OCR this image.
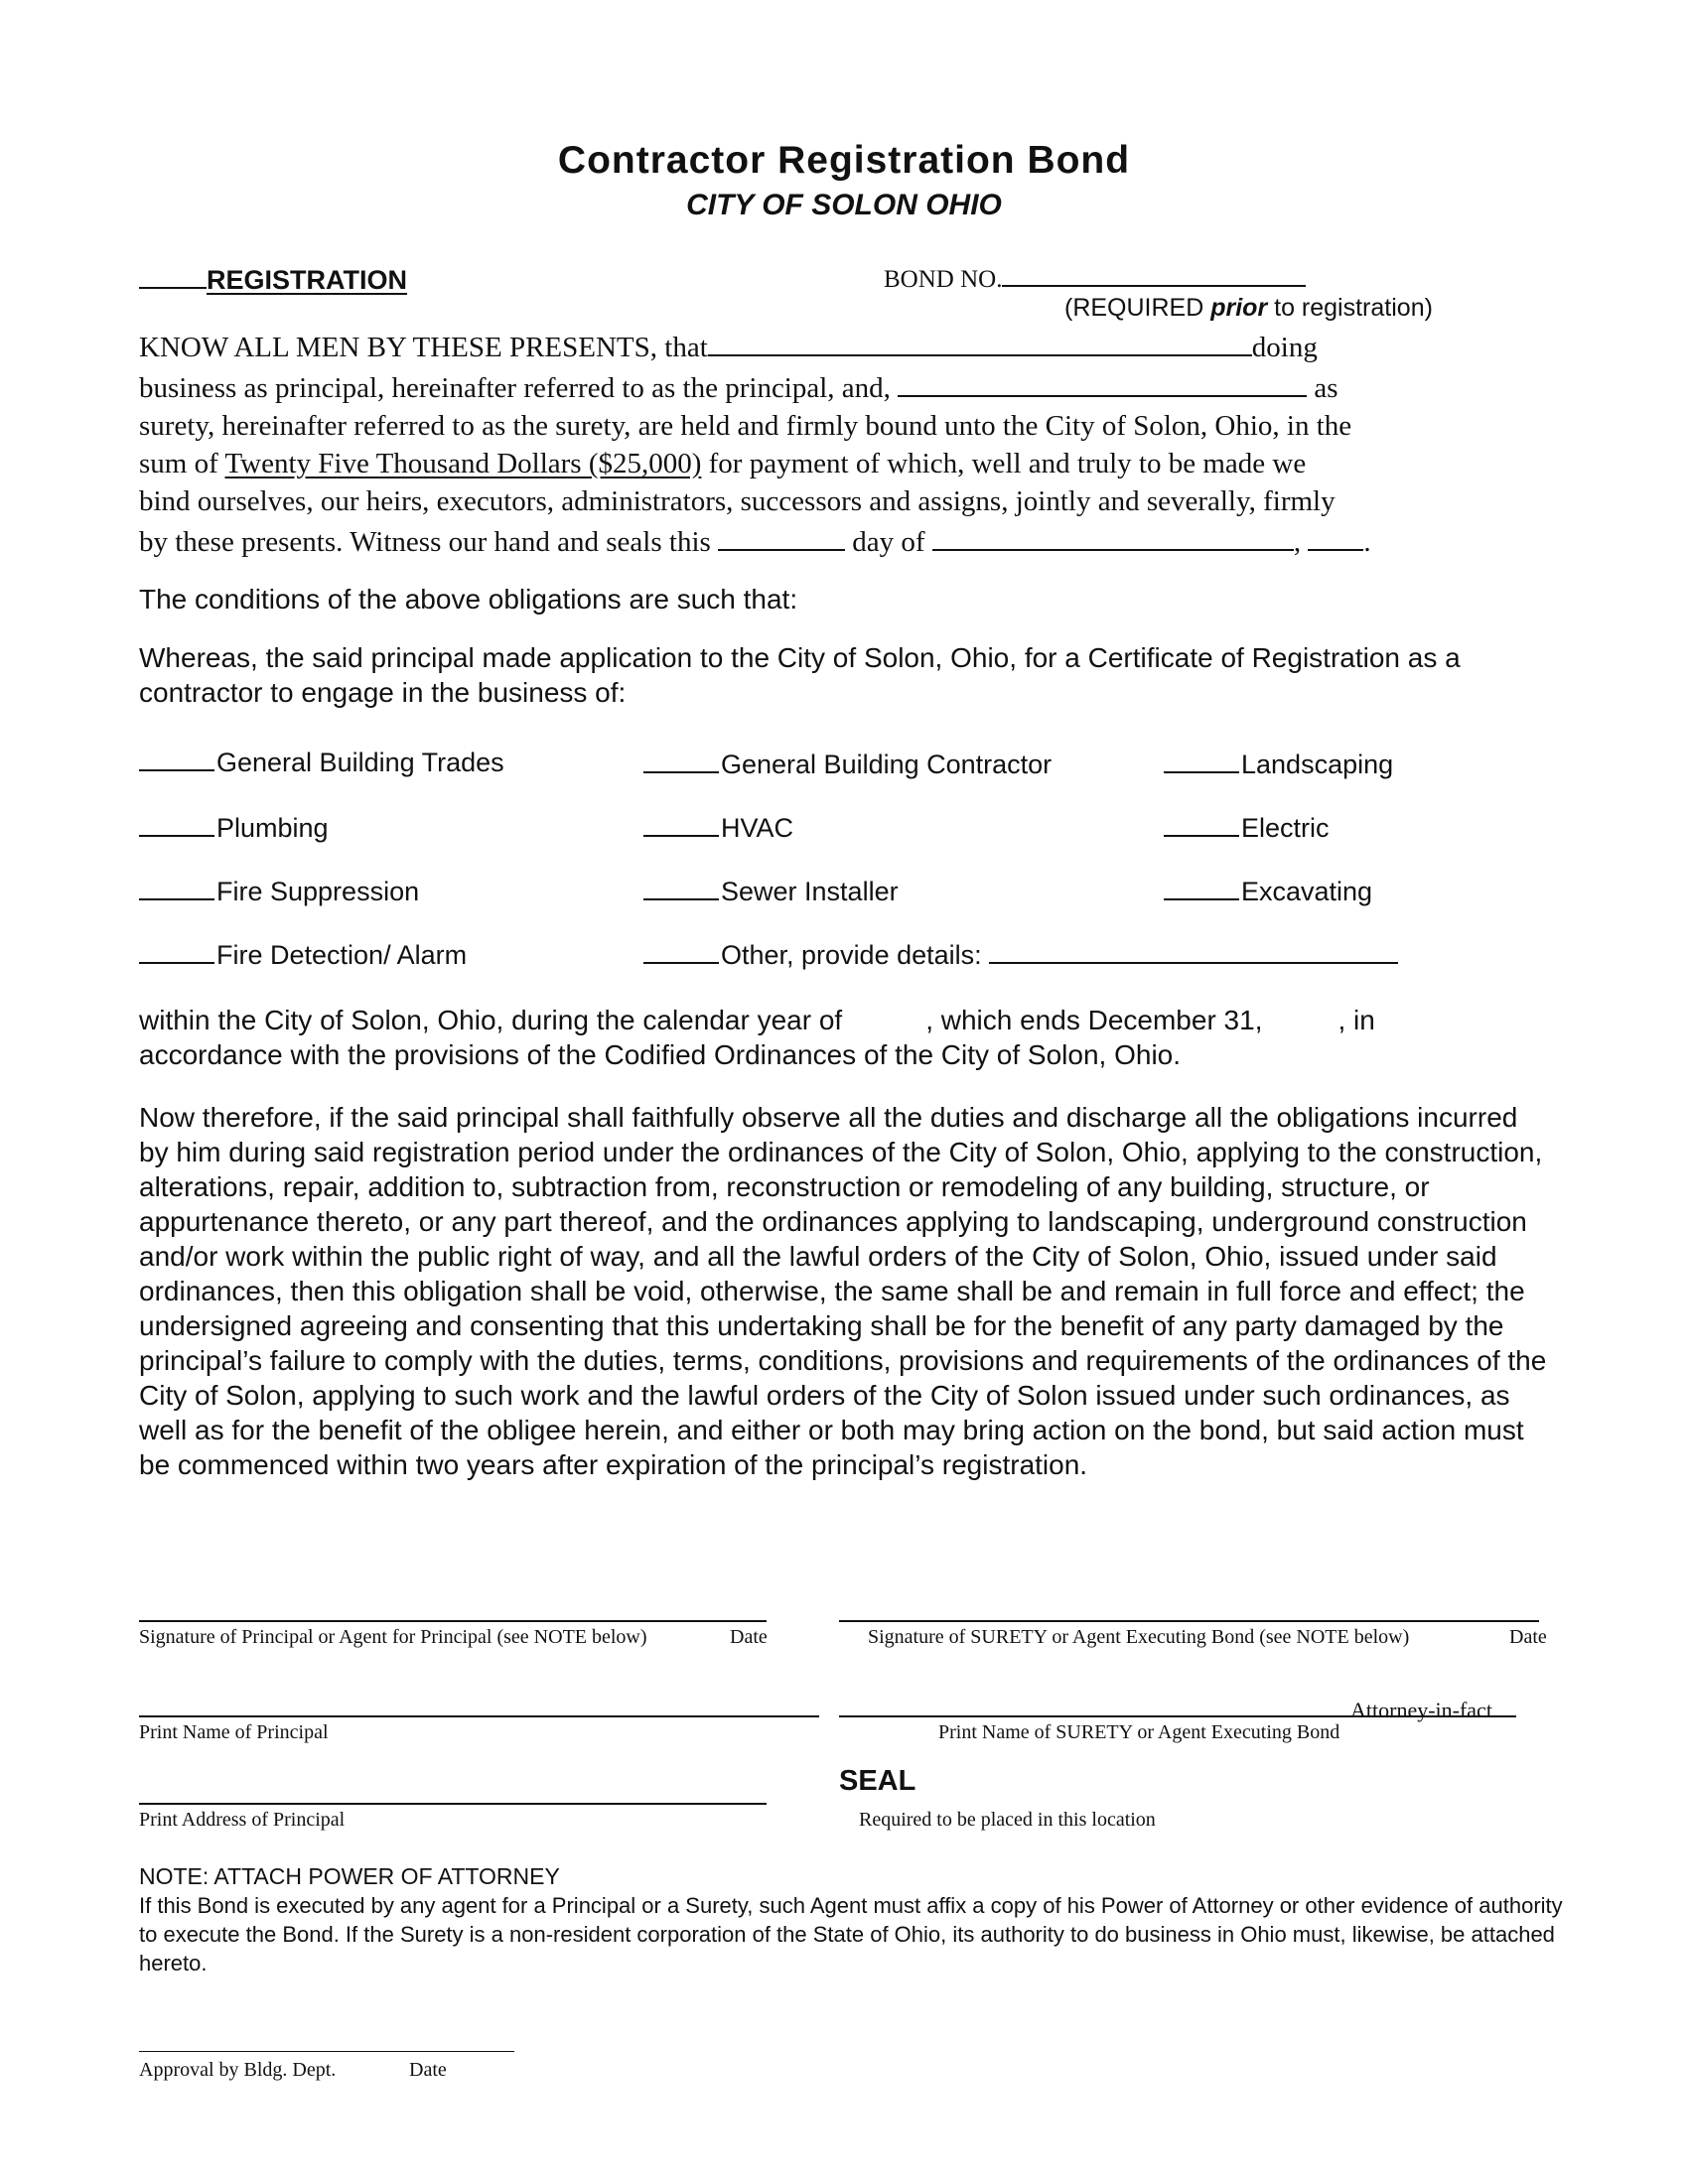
Contractor Registration Bond
CITY OF SOLON OHIO
REGISTRATION	BOND NO.
(REQUIRED prior to registration)
KNOW ALL MEN BY THESE PRESENTS, that	doing
business as principal, hereinafter referred to as the principal, and,	as
surety, hereinafter referred to as the surety, are held and firmly bound unto the City of Solon, Ohio, in the
sum of Twenty Five Thousand Dollars ($25,000) for payment of which, well and truly to be made we
bind ourselves, our heirs, executors, administrators, successors and assigns, jointly and severally, firmly
by these presents. Witness our hand and seals this	day of	, .
The conditions of the above obligations are such that:
Whereas, the said principal made application to the City of Solon, Ohio, for a Certificate of Registration as a contractor to engage in the business of:
General Building Trades	General Building Contractor	Landscaping
Plumbing	HVAC	Electric
Fire Suppression	Sewer Installer	Excavating
Fire Detection/ Alarm	Other, provide details:
within the City of Solon, Ohio, during the calendar year of	, which ends December 31,	, in
accordance with the provisions of the Codified Ordinances of the City of Solon, Ohio.
Now therefore, if the said principal shall faithfully observe all the duties and discharge all the obligations incurred by him during said registration period under the ordinances of the City of Solon, Ohio, applying to the construction, alterations, repair, addition to, subtraction from, reconstruction or remodeling of any building, structure, or appurtenance thereto, or any part thereof, and the ordinances applying to landscaping, underground construction and/or work within the public right of way, and all the lawful orders of the City of Solon, Ohio, issued under said ordinances, then this obligation shall be void, otherwise, the same shall be and remain in full force and effect; the undersigned agreeing and consenting that this undertaking shall be for the benefit of any party damaged by the principal’s failure to comply with the duties, terms, conditions, provisions and requirements of the ordinances of the City of Solon, applying to such work and the lawful orders of the City of Solon issued under such ordinances, as well as for the benefit of the obligee herein, and either or both may bring action on the bond, but said action must be commenced within two years after expiration of the principal’s registration.
Signature of Principal or Agent for Principal (see NOTE below)	Date	Signature of SURETY or Agent Executing Bond (see NOTE below)	Date
Attorney-in-fact
Print Name of Principal	Print Name of SURETY or Agent Executing Bond
Print Address of Principal
SEAL
Required to be placed in this location
NOTE: ATTACH POWER OF ATTORNEY
If this Bond is executed by any agent for a Principal or a Surety, such Agent must affix a copy of his Power of Attorney or other evidence of authority to execute the Bond. If the Surety is a non-resident corporation of the State of Ohio, its authority to do business in Ohio must, likewise, be attached hereto.
Approval by Bldg. Dept.	Date
